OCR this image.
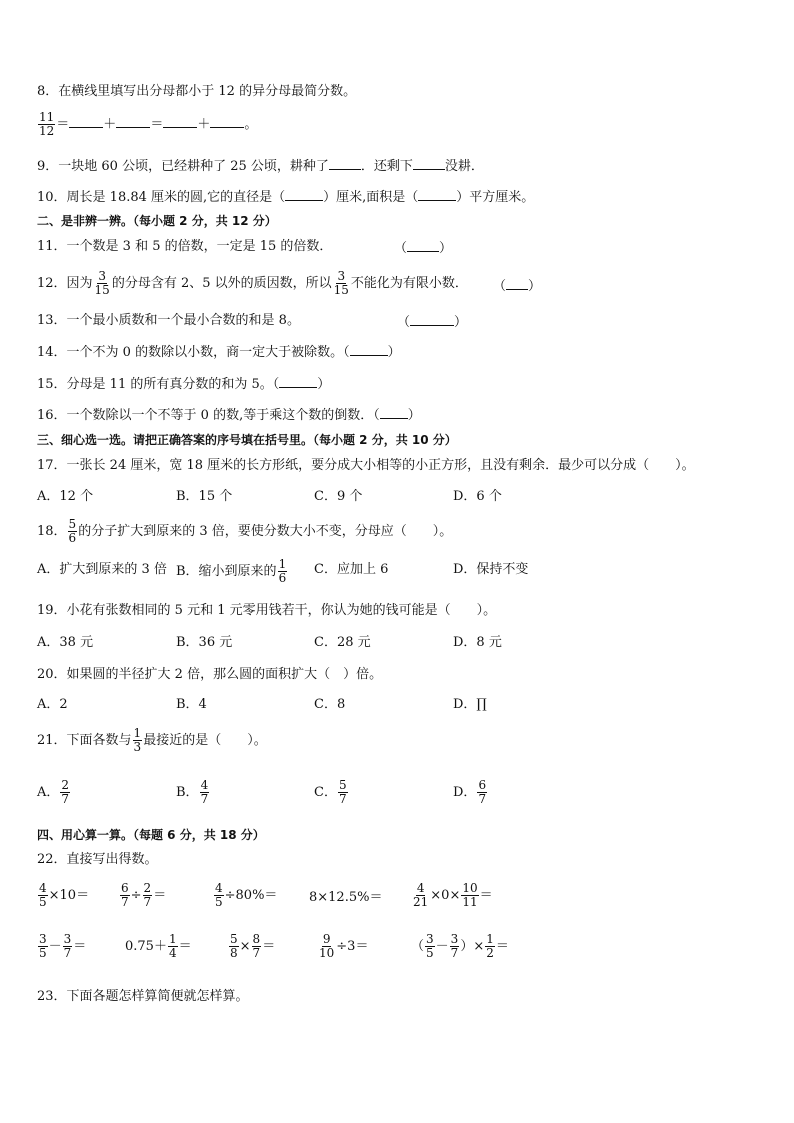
8．在横线里填写出分母都小于 12 的异分母最简分数。
$\frac{11}{12}$ ＝	＋	＝	＋	。
9．一块地 60 公顷，已经耕种了 25 公顷，耕种了 ．还剩下 没耕．
10．周长是 18.84 厘米的圆,它的直径是（	）厘米,面积是（	）平方厘米。
二、是非辨一辨。（每小题 2 分，共 12 分）
11．一个数是 3 和 5 的倍数，一定是 15 的倍数．	（ ）
12．因为 $\frac{3}{15}$ 的分母含有 2、5 以外的质因数，所以 $\frac{3}{15}$ 不能化为有限小数． （ ）
13．一个最小质数和一个最小合数的和是 8。	（	）
14．一个不为 0 的数除以小数，商一定大于被除数。（	）
15．分母是 11 的所有真分数的和为 5。（	）
16．一个数除以一个不等于 0 的数,等于乘这个数的倒数．（ ）
三、细心选一选。请把正确答案的序号填在括号里。（每小题 2 分，共 10 分）
17．一张长 24 厘米，宽 18 厘米的长方形纸，要分成大小相等的小正方形，且没有剩余．最少可以分成（　　）。
A．12 个	B．15 个	C．9 个	D．6 个
18． $\frac{5}{6}$ 的分子扩大到原来的 3 倍，要使分数大小不变，分母应（　　）。
A．扩大到原来的 3 倍 B．缩小到原来的 $\frac{1}{6}$ C．应加上 6	D．保持不变
19．小花有张数相同的 5 元和 1 元零用钱若干，你认为她的钱可能是（　　）。
A．38 元	B．36 元	C．28 元	D．8 元
20．如果圆的半径扩大 2 倍，那么圆的面积扩大（　）倍。
A．2	B．4	C．8	D．∏
21．下面各数与 $\frac{1}{3}$ 最接近的是（　　）。
A． $\frac{2}{7}$	B． $\frac{4}{7}$	C． $\frac{5}{7}$	D． $\frac{6}{7}$
四、用心算一算。（每题 6 分，共 18 分）
22．直接写出得数。
$\frac{4}{5} \times 10=$	$\frac{6}{7} \div \frac{2}{7}$ ＝	$\frac{4}{5} \div 80\%= 8\times 12.5\%= \frac{4}{21} \times 0\times \frac{10}{11}$ ＝
$\frac{3}{5} - \frac{3}{7}$ ＝	$0.75+ \frac{1}{4}$ ＝	$\frac{5}{8} \times \frac{8}{7}$ ＝	$\frac{9}{10} \div 3=$	（ $\frac{3}{5} - \frac{3}{7}$ ）× $\frac{1}{2}$ ＝
23．下面各题怎样算简便就怎样算。
